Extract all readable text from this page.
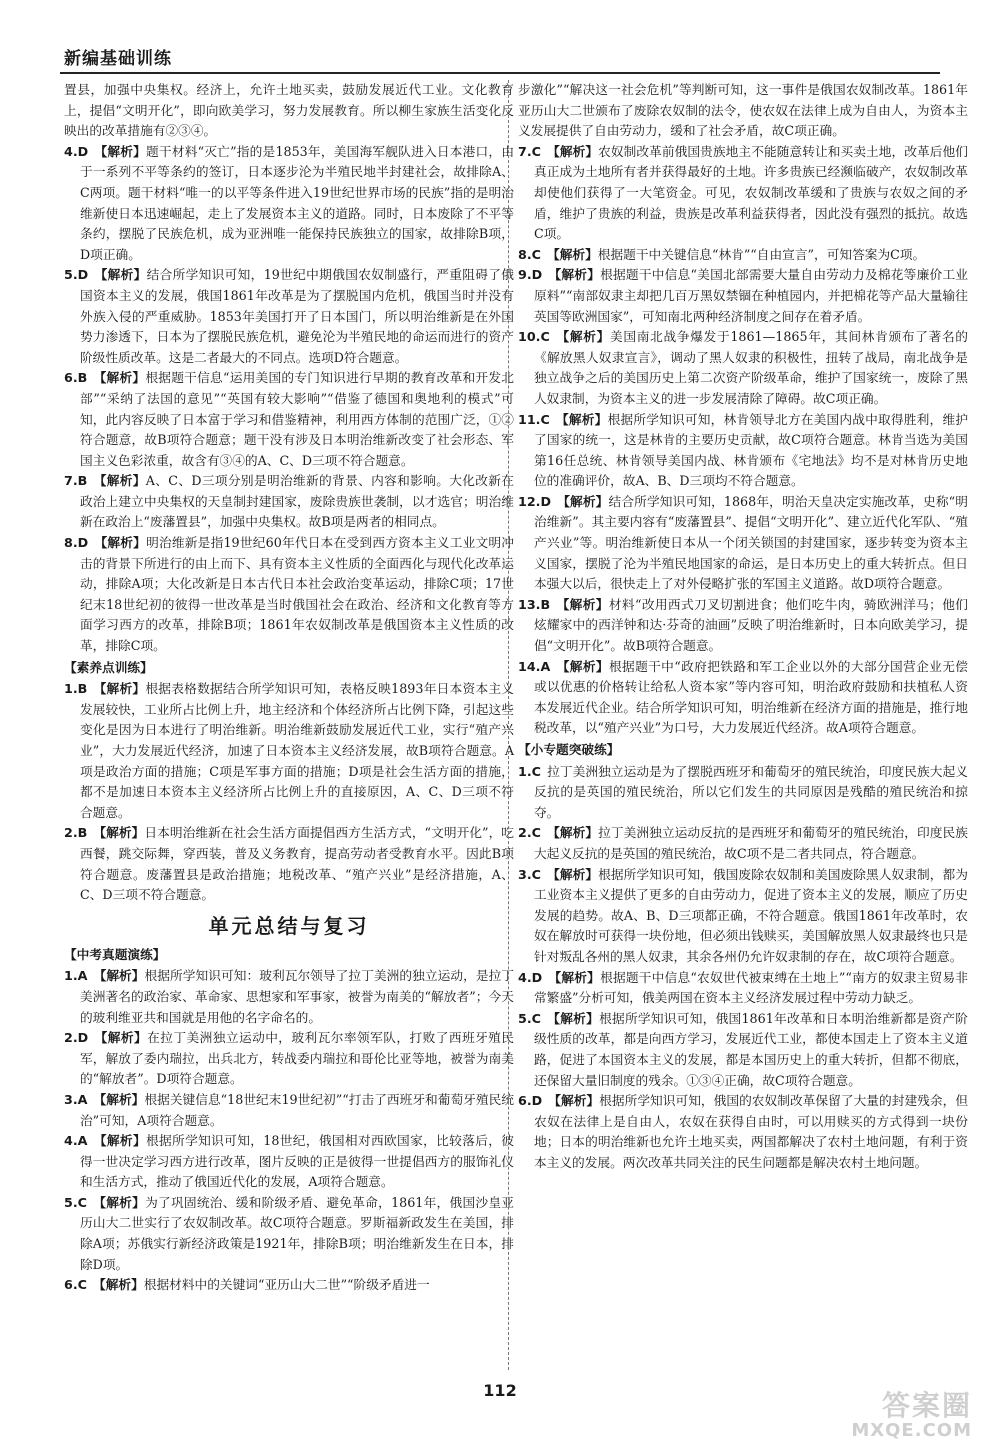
新编基础训练

置县，加强中央集权。经济上，允许土地买卖，鼓励发展近代工业。文化教育上，提倡“文明开化”，即向欧美学习，努力发展教育。所以柳生家族生活变化反映出的改革措施有②③④。

4.D 【解析】题干材料“灭亡”指的是1853年，美国海军舰队进入日本港口，由于一系列不平等条约的签订，日本逐步沦为半殖民地半封建社会，故排除A、C两项。题干材料“唯一的以平等条件进入19世纪世界市场的民族”指的是明治维新使日本迅速崛起，走上了发展资本主义的道路。同时，日本废除了不平等条约，摆脱了民族危机，成为亚洲唯一能保持民族独立的国家，故排除B项，D项正确。

5.D 【解析】结合所学知识可知，19世纪中期俄国农奴制盛行，严重阻碍了俄国资本主义的发展，俄国1861年改革是为了摆脱国内危机，俄国当时并没有外族入侵的严重威胁。1853年美国打开了日本国门，所以明治维新是在外国势力渗透下，日本为了摆脱民族危机，避免沦为半殖民地的命运而进行的资产阶级性质改革。这是二者最大的不同点。选项D符合题意。

6.B 【解析】根据题干信息“运用美国的专门知识进行早期的教育改革和开发北部”“采纳了法国的意见”“英国有较大影响”“借鉴了德国和奥地利的模式”可知，此内容反映了日本富于学习和借鉴精神，利用西方体制的范围广泛，①②符合题意，故B项符合题意；题干没有涉及日本明治维新改变了社会形态、军国主义色彩浓重，故含有③④的A、C、D三项不符合题意。

7.B 【解析】A、C、D三项分别是明治维新的背景、内容和影响。大化改新在政治上建立中央集权的天皇制封建国家，废除贵族世袭制，以才选官；明治维新在政治上“废藩置县”，加强中央集权。故B项是两者的相同点。

8.D 【解析】明治维新是指19世纪60年代日本在受到西方资本主义工业文明冲击的背景下所进行的由上而下、具有资本主义性质的全面西化与现代化改革运动，排除A项；大化改新是日本古代日本社会政治变革运动，排除C项；17世纪末18世纪初的彼得一世改革是当时俄国社会在政治、经济和文化教育等方面学习西方的改革，排除B项；1861年农奴制改革是俄国资本主义性质的改革，排除C项。

【素养点训练】

1.B 【解析】根据表格数据结合所学知识可知，表格反映1893年日本资本主义发展较快，工业所占比例上升，地主经济和个体经济所占比例下降，引起这些变化是因为日本进行了明治维新。明治维新鼓励发展近代工业，实行“殖产兴业”，大力发展近代经济，加速了日本资本主义经济发展，故B项符合题意。A项是政治方面的措施；C项是军事方面的措施；D项是社会生活方面的措施，都不是加速日本资本主义经济所占比例上升的直接原因，A、C、D三项不符合题意。

2.B 【解析】日本明治维新在社会生活方面提倡西方生活方式，“文明开化”，吃西餐，跳交际舞，穿西装，普及义务教育，提高劳动者受教育水平。因此B项符合题意。废藩置县是政治措施；地税改革、“殖产兴业”是经济措施，A、C、D三项不符合题意。

单元总结与复习
【中考真题演练】

1.A 【解析】根据所学知识可知：玻利瓦尔领导了拉丁美洲的独立运动，是拉丁美洲著名的政治家、革命家、思想家和军事家，被誉为南美的“解放者”；今天的玻利维亚共和国就是用他的名字命名的。

2.D 【解析】在拉丁美洲独立运动中，玻利瓦尔率领军队，打败了西班牙殖民军，解放了委内瑞拉，出兵北方，转战委内瑞拉和哥伦比亚等地，被誉为南美的“解放者”。D项符合题意。

3.A 【解析】根据关键信息“18世纪末19世纪初”“打击了西班牙和葡萄牙殖民统治”可知，A项符合题意。

4.A 【解析】根据所学知识可知，18世纪，俄国相对西欧国家，比较落后，彼得一世决定学习西方进行改革，图片反映的正是彼得一世提倡西方的服饰礼仪和生活方式，推动了俄国近代化的发展，A项符合题意。

5.C 【解析】为了巩固统治、缓和阶级矛盾、避免革命，1861年，俄国沙皇亚历山大二世实行了农奴制改革。故C项符合题意。罗斯福新政发生在美国，排除A项；苏俄实行新经济政策是1921年，排除B项；明治维新发生在日本，排除D项。

6.C 【解析】根据材料中的关键词“亚历山大二世”“阶级矛盾进一

步激化”“解决这一社会危机”等判断可知，这一事件是俄国农奴制改革。1861年亚历山大二世颁布了废除农奴制的法令，使农奴在法律上成为自由人，为资本主义发展提供了自由劳动力，缓和了社会矛盾，故C项正确。

7.C 【解析】农奴制改革前俄国贵族地主不能随意转让和买卖土地，改革后他们真正成为土地所有者并获得最好的土地。许多贵族已经濒临破产，农奴制改革却使他们获得了一大笔资金。可见，农奴制改革缓和了贵族与农奴之间的矛盾，维护了贵族的利益，贵族是改革利益获得者，因此没有强烈的抵抗。故选C项。

8.C 【解析】根据题干中关键信息“林肯”“自由宣言”，可知答案为C项。

9.D 【解析】根据题干中信息“美国北部需要大量自由劳动力及棉花等廉价工业原料”“南部奴隶主却把几百万黑奴禁锢在种植园内，并把棉花等产品大量输往英国等欧洲国家”，可知南北两种经济制度之间存在着矛盾。

10.C 【解析】美国南北战争爆发于1861—1865年，其间林肯颁布了著名的《解放黑人奴隶宣言》，调动了黑人奴隶的积极性，扭转了战局，南北战争是独立战争之后的美国历史上第二次资产阶级革命，维护了国家统一，废除了黑人奴隶制，为资本主义的进一步发展清除了障碍。故C项正确。

11.C 【解析】根据所学知识可知，林肯领导北方在美国内战中取得胜利，维护了国家的统一，这是林肯的主要历史贡献，故C项符合题意。林肯当选为美国第16任总统、林肯领导美国内战、林肯颁布《宅地法》均不是对林肯历史地位的准确评价，故A、B、D三项均不符合题意。

12.D 【解析】结合所学知识可知，1868年，明治天皇决定实施改革，史称“明治维新”。其主要内容有“废藩置县”、提倡“文明开化”、建立近代化军队、“殖产兴业”等。明治维新使日本从一个闭关锁国的封建国家，逐步转变为资本主义国家，摆脱了沦为半殖民地国家的命运，是日本历史上的重大转折点。但日本强大以后，很快走上了对外侵略扩张的军国主义道路。故D项符合题意。

13.B 【解析】材料“改用西式刀叉切割进食；他们吃牛肉，骑欧洲洋马；他们炫耀家中的西洋钟和达·芬奇的油画”反映了明治维新时，日本向欧美学习，提倡“文明开化”。故B项符合题意。

14.A 【解析】根据题干中“政府把铁路和军工企业以外的大部分国营企业无偿或以优惠的价格转让给私人资本家”等内容可知，明治政府鼓励和扶植私人资本发展近代企业。结合所学知识可知，明治维新在经济方面的措施是，推行地税改革，以“殖产兴业”为口号，大力发展近代经济。故A项符合题意。

【小专题突破练】

1.C 拉丁美洲独立运动是为了摆脱西班牙和葡萄牙的殖民统治，印度民族大起义反抗的是英国的殖民统治，所以它们发生的共同原因是残酷的殖民统治和掠夺。

2.C 【解析】拉丁美洲独立运动反抗的是西班牙和葡萄牙的殖民统治，印度民族大起义反抗的是英国的殖民统治，故C项不是二者共同点，符合题意。

3.C 【解析】根据所学知识可知，俄国废除农奴制和美国废除黑人奴隶制，都为工业资本主义提供了更多的自由劳动力，促进了资本主义的发展，顺应了历史发展的趋势。故A、B、D三项都正确，不符合题意。俄国1861年改革时，农奴在解放时可获得一块份地，但必须出钱赎买，美国解放黑人奴隶最终也只是针对叛乱各州的黑人奴隶，其余各州仍允许奴隶制的存在，故C项符合题意。

4.D 【解析】根据题干中信息“农奴世代被束缚在土地上”“南方的奴隶主贸易非常繁盛”分析可知，俄美两国在资本主义经济发展过程中劳动力缺乏。

5.C 【解析】根据所学知识可知，俄国1861年改革和日本明治维新都是资产阶级性质的改革，都是向西方学习，发展近代工业，都使本国走上了资本主义道路，促进了本国资本主义的发展，都是本国历史上的重大转折，但都不彻底，还保留大量旧制度的残余。①③④正确，故C项符合题意。

6.D 【解析】根据所学知识可知，俄国的农奴制改革保留了大量的封建残余，但农奴在法律上是自由人，农奴在获得自由时，可以用赎买的方式得到一块份地；日本的明治维新也允许土地买卖，两国都解决了农村土地问题，有利于资本主义的发展。两次改革共同关注的民生问题都是解决农村土地问题。

112	答案圈
MXQE.COM
